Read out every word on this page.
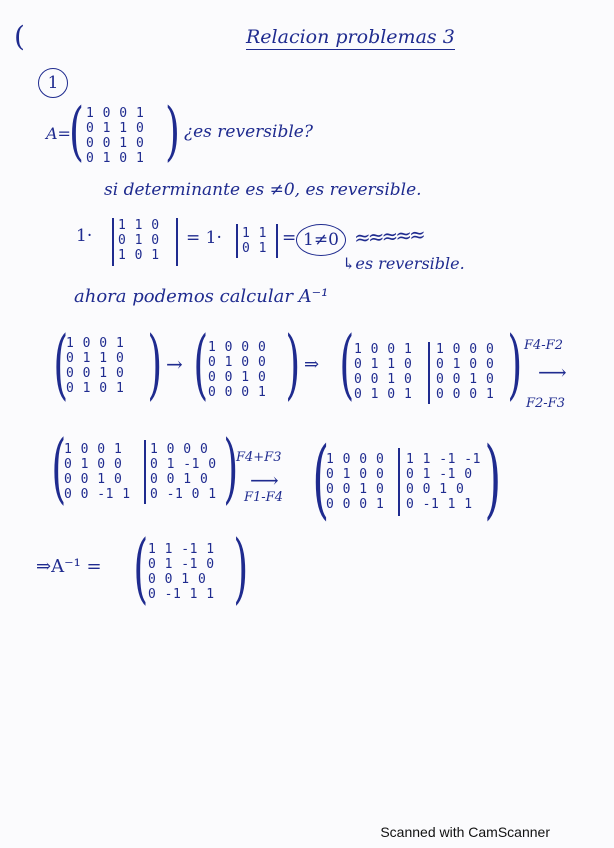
(	Relacion problemas 3
1
A=
( 1 0 0 1
0 1 1 0
0 0 1 0
0 1 0 1 ) ¿es reversible?
si determinante es ≠0, es reversible.
1·
1 1 0
0 1 0
1 0 1
= 1· 1 1
0 1
= 1≠0 ≈≈≈≈≈
↳es reversible.
ahora podemos calcular A⁻¹
(
1 0 0 1
0 1 1 0
0 0 1 0
0 1 0 1 ) → ( 1 0 0 0
0 1 0 0
0 0 1 0
0 0 0 1 ) ⇒ ( 1 0 0 1
0 1 1 0
0 0 1 0
0 1 0 1
1 0 0 0
0 1 0 0
0 0 1 0
0 0 0 1 ) F4-F2
⟶
F2-F3
(
1 0 0 1
0 1 0 0
0 0 1 0
0 0 -1 1
1 0 0 0
0 1 -1 0
0 0 1 0
0 -1 0 1 )
F4+F3
⟶
F1-F4 (
1 0 0 0
0 1 0 0
0 0 1 0
0 0 0 1
1 1 -1 -1
0 1 -1 0
0 0 1 0
0 -1 1 1 )
⇒A⁻¹ = ( 1 1 -1 1
0 1 -1 0
0 0 1 0
0 -1 1 1 )
Scanned with CamScanner
